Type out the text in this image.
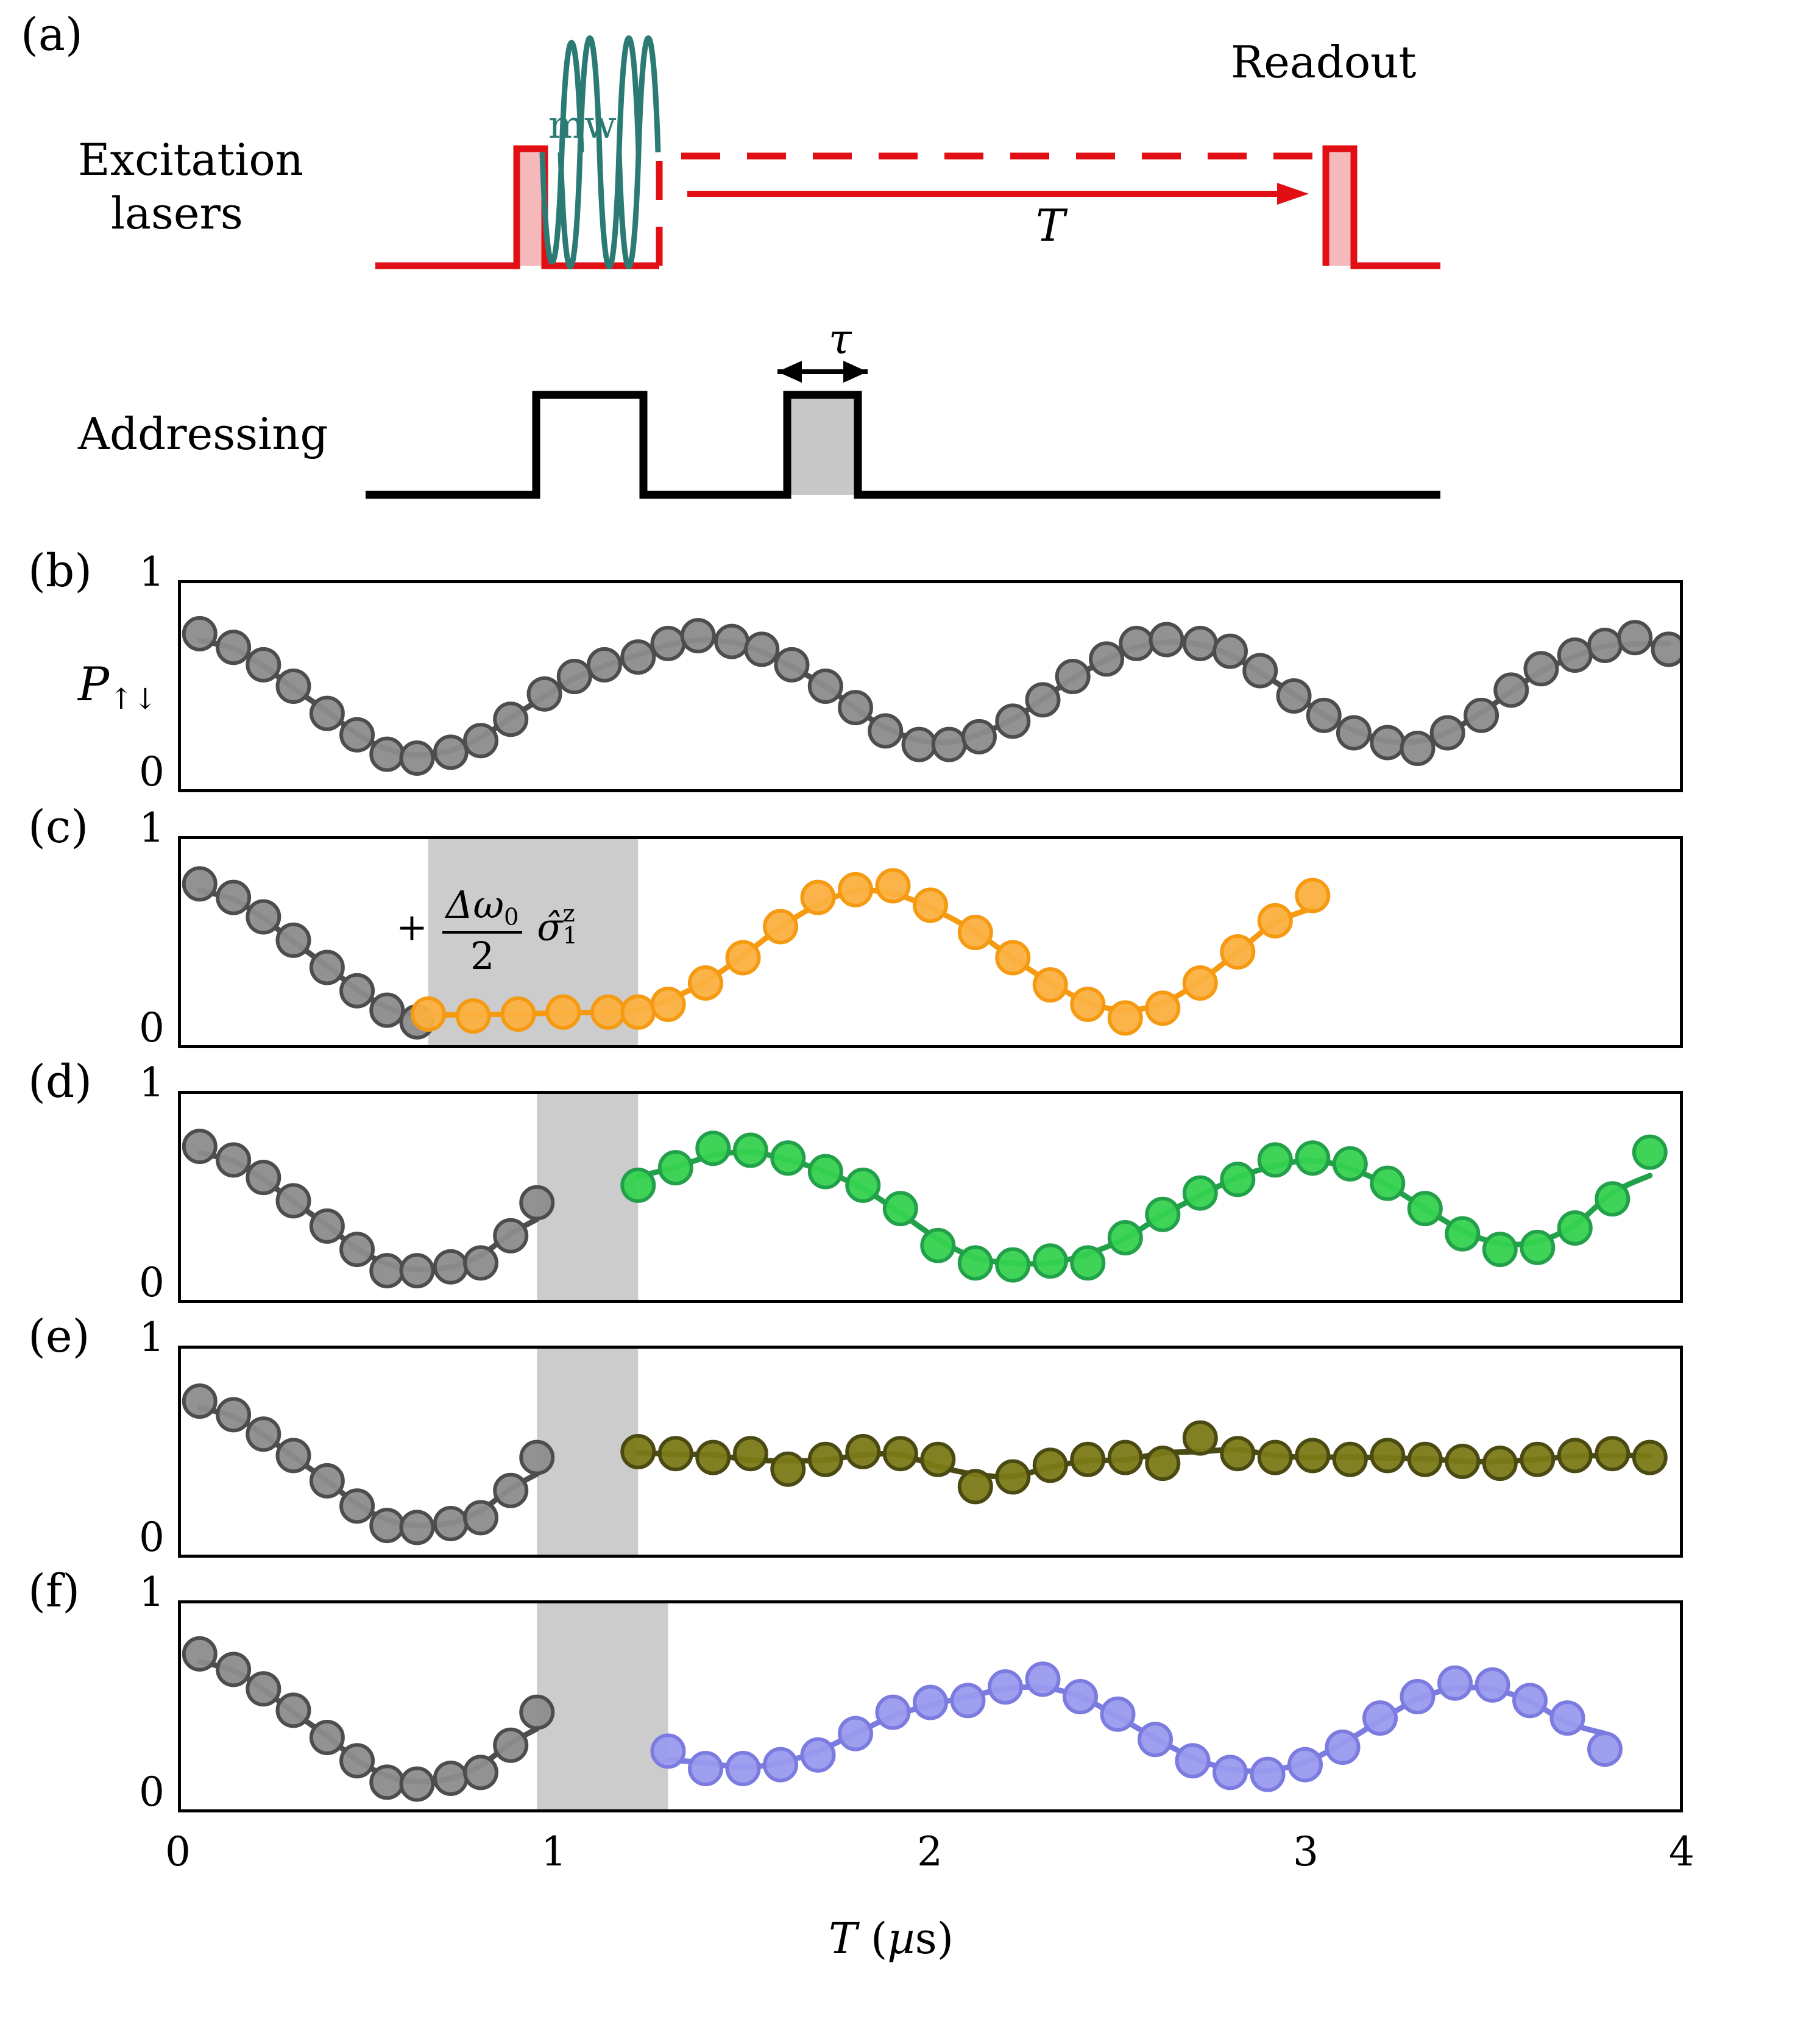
(a)
Excitation
lasers
Addressing
mw
Readout
T
τ
(b)
$P_{↑↓}$
1
0
(c)	1
0
+ $\frac{\Delta\omega_0}{2}$ σ̂z
1
(d)	1
0
(e)	1
0
(f)	1
0
0	1	2	3	4
T (µs)
